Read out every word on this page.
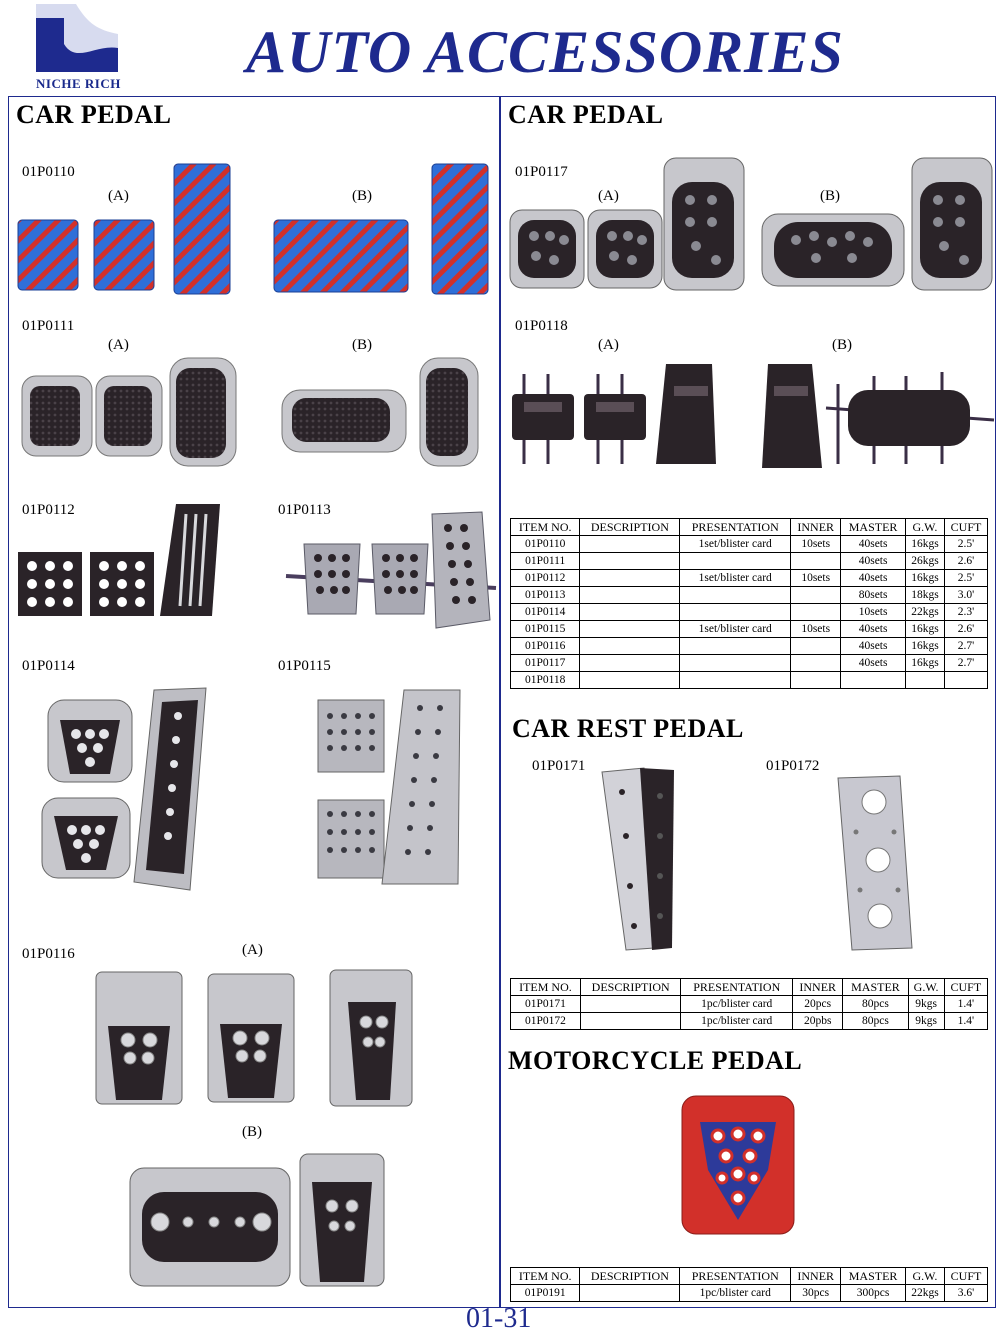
NICHE RICH AUTO ACCESSORIES
CAR PEDAL
01P0110
(A)	(B)
01P0111
(A)	(B)
01P0112	01P0113
01P0114	01P0115
01P0116	(A)
(B)
CAR PEDAL
01P0117
(A)	(B)
01P0118
(A)	(B)
ITEM NO.	DESCRIPTION	PRESENTATION	INNER	MASTER	G.W.	CUFT
01P0110		1set/blister card	10sets	40sets	16kgs	2.5'
01P0111				40sets	26kgs	2.6'
01P0112		1set/blister card	10sets	40sets	16kgs	2.5'
01P0113				80sets	18kgs	3.0'
01P0114				10sets	22kgs	2.3'
01P0115		1set/blister card	10sets	40sets	16kgs	2.6'
01P0116				40sets	16kgs	2.7'
01P0117				40sets	16kgs	2.7'
01P0118						
CAR REST PEDAL
01P0171	01P0172
ITEM NO.	DESCRIPTION	PRESENTATION	INNER	MASTER	G.W.	CUFT
01P0171		1pc/blister card	20pcs	80pcs	9kgs	1.4'
01P0172		1pc/blister card	20pbs	80pcs	9kgs	1.4'
MOTORCYCLE PEDAL
ITEM NO.	DESCRIPTION	PRESENTATION	INNER	MASTER	G.W.	CUFT
01P0191		1pc/blister card	30pcs	300pcs	22kgs	3.6'
01-31
